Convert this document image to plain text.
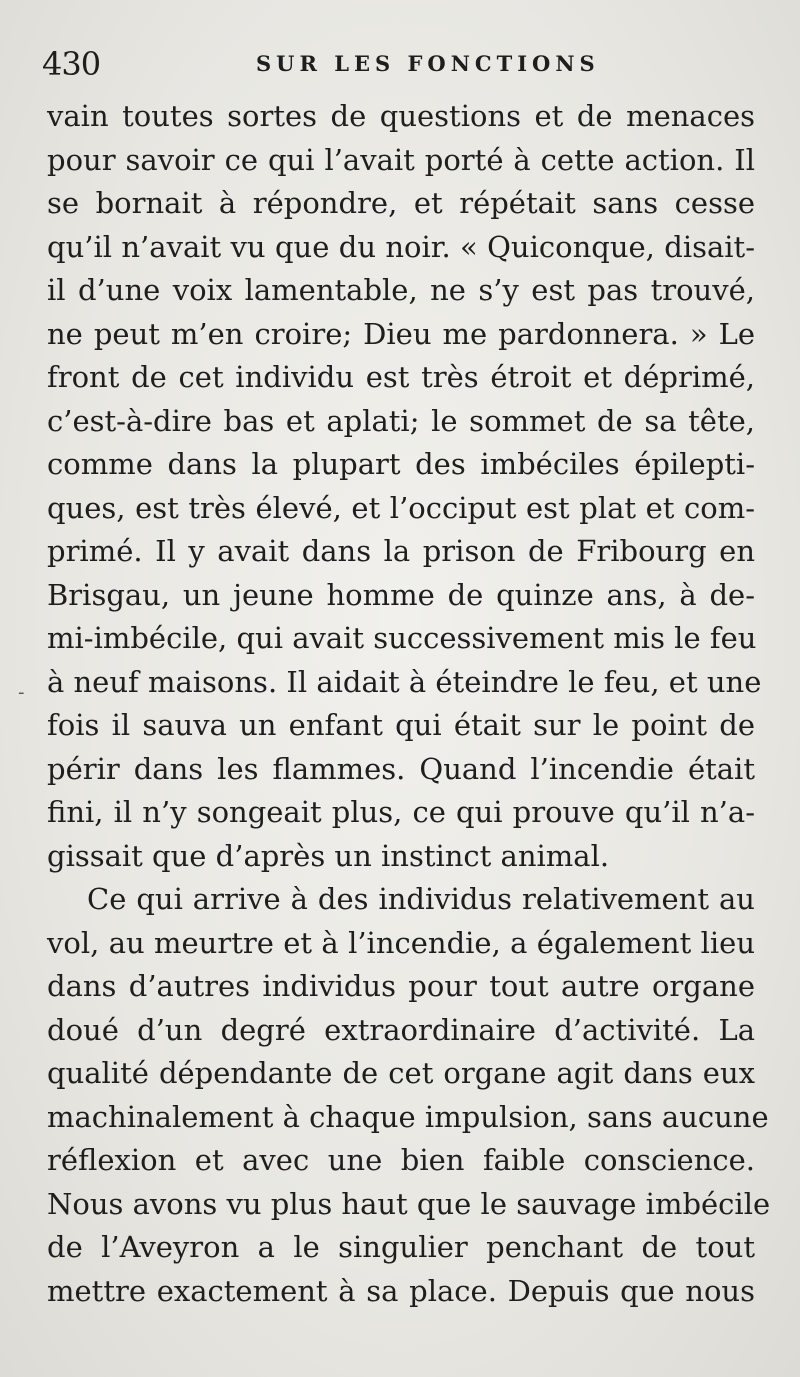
430	SUR LES FONCTIONS
-
vain toutes sortes de questions et de menaces
pour savoir ce qui l’avait porté à cette action. Il
se bornait à répondre, et répétait sans cesse
qu’il n’avait vu que du noir. « Quiconque, disait-
il d’une voix lamentable, ne s’y est pas trouvé,
ne peut m’en croire; Dieu me pardonnera. » Le
front de cet individu est très étroit et déprimé,
c’est-à-dire bas et aplati; le sommet de sa tête,
comme dans la plupart des imbéciles épilepti-
ques, est très élevé, et l’occiput est plat et com-
primé. Il y avait dans la prison de Fribourg en
Brisgau, un jeune homme de quinze ans, à de-
mi-imbécile, qui avait successivement mis le feu
à neuf maisons. Il aidait à éteindre le feu, et une
fois il sauva un enfant qui était sur le point de
périr dans les flammes. Quand l’incendie était
fini, il n’y songeait plus, ce qui prouve qu’il n’a-
gissait que d’après un instinct animal.
Ce qui arrive à des individus relativement au
vol, au meurtre et à l’incendie, a également lieu
dans d’autres individus pour tout autre organe
doué d’un degré extraordinaire d’activité. La
qualité dépendante de cet organe agit dans eux
machinalement à chaque impulsion, sans aucune
réflexion et avec une bien faible conscience.
Nous avons vu plus haut que le sauvage imbécile
de l’Aveyron a le singulier penchant de tout
mettre exactement à sa place. Depuis que nous
